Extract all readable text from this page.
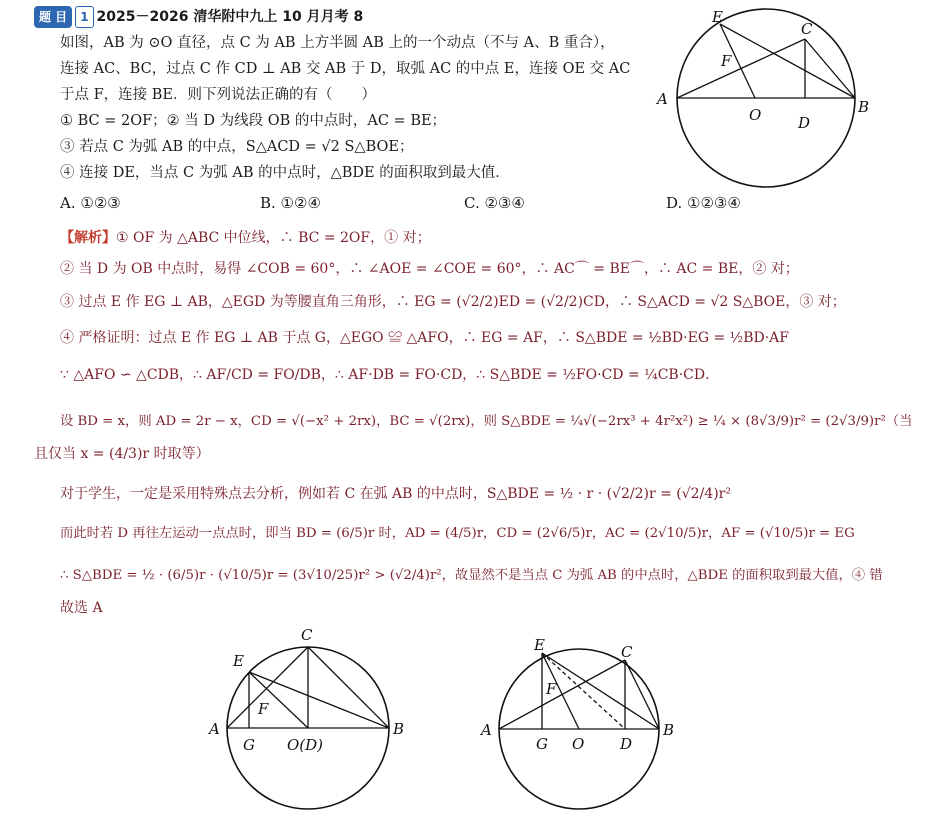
题 目 1 2025－2026 清华附中九上 10 月月考 8
如图，AB 为 ⊙O 直径，点 C 为 AB 上方半圆 AB 上的一个动点（不与 A、B 重合），
连接 AC、BC，过点 C 作 CD ⊥ AB 交 AB 于 D，取弧 AC 的中点 E，连接 OE 交 AC
于点 F，连接 BE．则下列说法正确的有（　　）
① BC = 2OF；② 当 D 为线段 OB 的中点时，AC = BE；
③ 若点 C 为弧 AB 的中点，S△ACD = √2 S△BOE；
④ 连接 DE，当点 C 为弧 AB 的中点时，△BDE 的面积取到最大值．
A. ①②③	B. ①②④	C. ②③④	D. ①②③④
E
C
F
A
O D
B
【解析】① OF 为 △ABC 中位线，∴ BC = 2OF，① 对；
② 当 D 为 OB 中点时，易得 ∠COB = 60°，∴ ∠AOE = ∠COE = 60°，∴ AC⌒ = BE⌒，∴ AC = BE，② 对；
③ 过点 E 作 EG ⊥ AB，△EGD 为等腰直角三角形，∴ EG = (√2/2)ED = (√2/2)CD，∴ S△ACD = √2 S△BOE，③ 对；
④ 严格证明：过点 E 作 EG ⊥ AB 于点 G，△EGO ≌ △AFO，∴ EG = AF，∴ S△BDE = ½BD·EG = ½BD·AF
∵ △AFO ∽ △CDB，∴ AF/CD = FO/DB，∴ AF·DB = FO·CD，∴ S△BDE = ½FO·CD = ¼CB·CD．
设 BD = x，则 AD = 2r − x，CD = √(−x² + 2rx)，BC = √(2rx)，则 S△BDE = ¼√(−2rx³ + 4r²x²) ≥ ¼ × (8√3/9)r² = (2√3/9)r²（当
且仅当 x = (4/3)r 时取等）
对于学生，一定是采用特殊点去分析，例如若 C 在弧 AB 的中点时，S△BDE = ½ · r · (√2/2)r = (√2/4)r²
而此时若 D 再往左运动一点点时，即当 BD = (6/5)r 时，AD = (4/5)r，CD = (2√6/5)r，AC = (2√10/5)r，AF = (√10/5)r = EG
∴ S△BDE = ½ · (6/5)r · (√10/5)r = (3√10/25)r² > (√2/4)r²，故显然不是当点 C 为弧 AB 的中点时，△BDE 的面积取到最大值，④ 错
故选 A
C
E
F
A
G O(D)
B
E	C
F
A
G O D
B
